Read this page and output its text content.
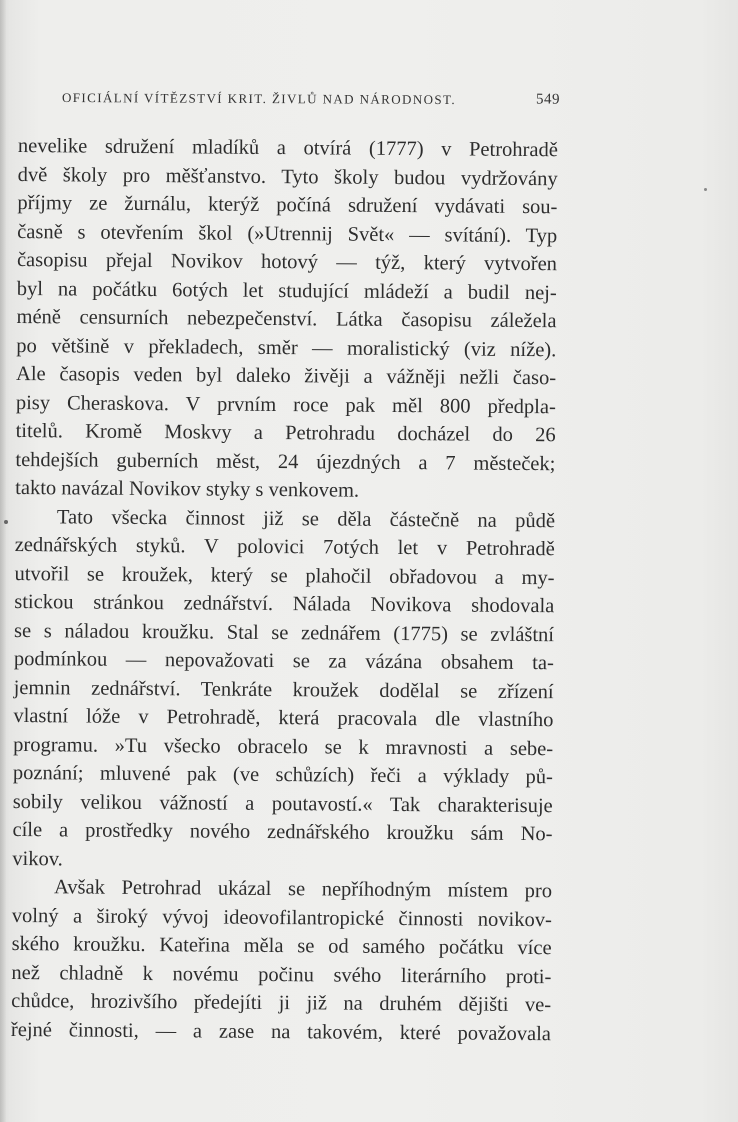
OFICIÁLNÍ VÍTĚZSTVÍ KRIT. ŽIVLŮ NAD NÁRODNOST.	549
nevelike sdružení mladíků a otvírá (1777) v Petrohradě
dvě školy pro měšťanstvo. Tyto školy budou vydržovány
příjmy ze žurnálu, kterýž počíná sdružení vydávati sou-
časně s otevřením škol (»Utrennij Svět« — svítání). Typ
časopisu přejal Novikov hotový — týž, který vytvořen
byl na počátku 6otých let studující mládeží a budil nej-
méně censurních nebezpečenství. Látka časopisu záležela
po většině v překladech, směr — moralistický (viz níže).
Ale časopis veden byl daleko živěji a vážněji nežli časo-
pisy Cheraskova. V prvním roce pak měl 800 předpla-
titelů. Kromě Moskvy a Petrohradu docházel do 26
tehdejších guberních měst, 24 újezdných a 7 městeček;
takto navázal Novikov styky s venkovem.
Tato všecka činnost již se děla částečně na půdě
zednářských styků. V polovici 7otých let v Petrohradě
utvořil se kroužek, který se plahočil obřadovou a my-
stickou stránkou zednářství. Nálada Novikova shodovala
se s náladou kroužku. Stal se zednářem (1775) se zvláštní
podmínkou — nepovažovati se za vázána obsahem ta-
jemnin zednářství. Tenkráte kroužek dodělal se zřízení
vlastní lóže v Petrohradě, která pracovala dle vlastního
programu. »Tu všecko obracelo se k mravnosti a sebe-
poznání; mluvené pak (ve schůzích) řeči a výklady pů-
sobily velikou vážností a poutavostí.« Tak charakterisuje
cíle a prostředky nového zednářského kroužku sám No-
vikov.
Avšak Petrohrad ukázal se nepříhodným místem pro
volný a široký vývoj ideovofilantropické činnosti novikov-
ského kroužku. Kateřina měla se od samého počátku více
než chladně k novému počinu svého literárního proti-
chůdce, hrozivšího předejíti ji již na druhém dějišti ve-
řejné činnosti, — a zase na takovém, které považovala
